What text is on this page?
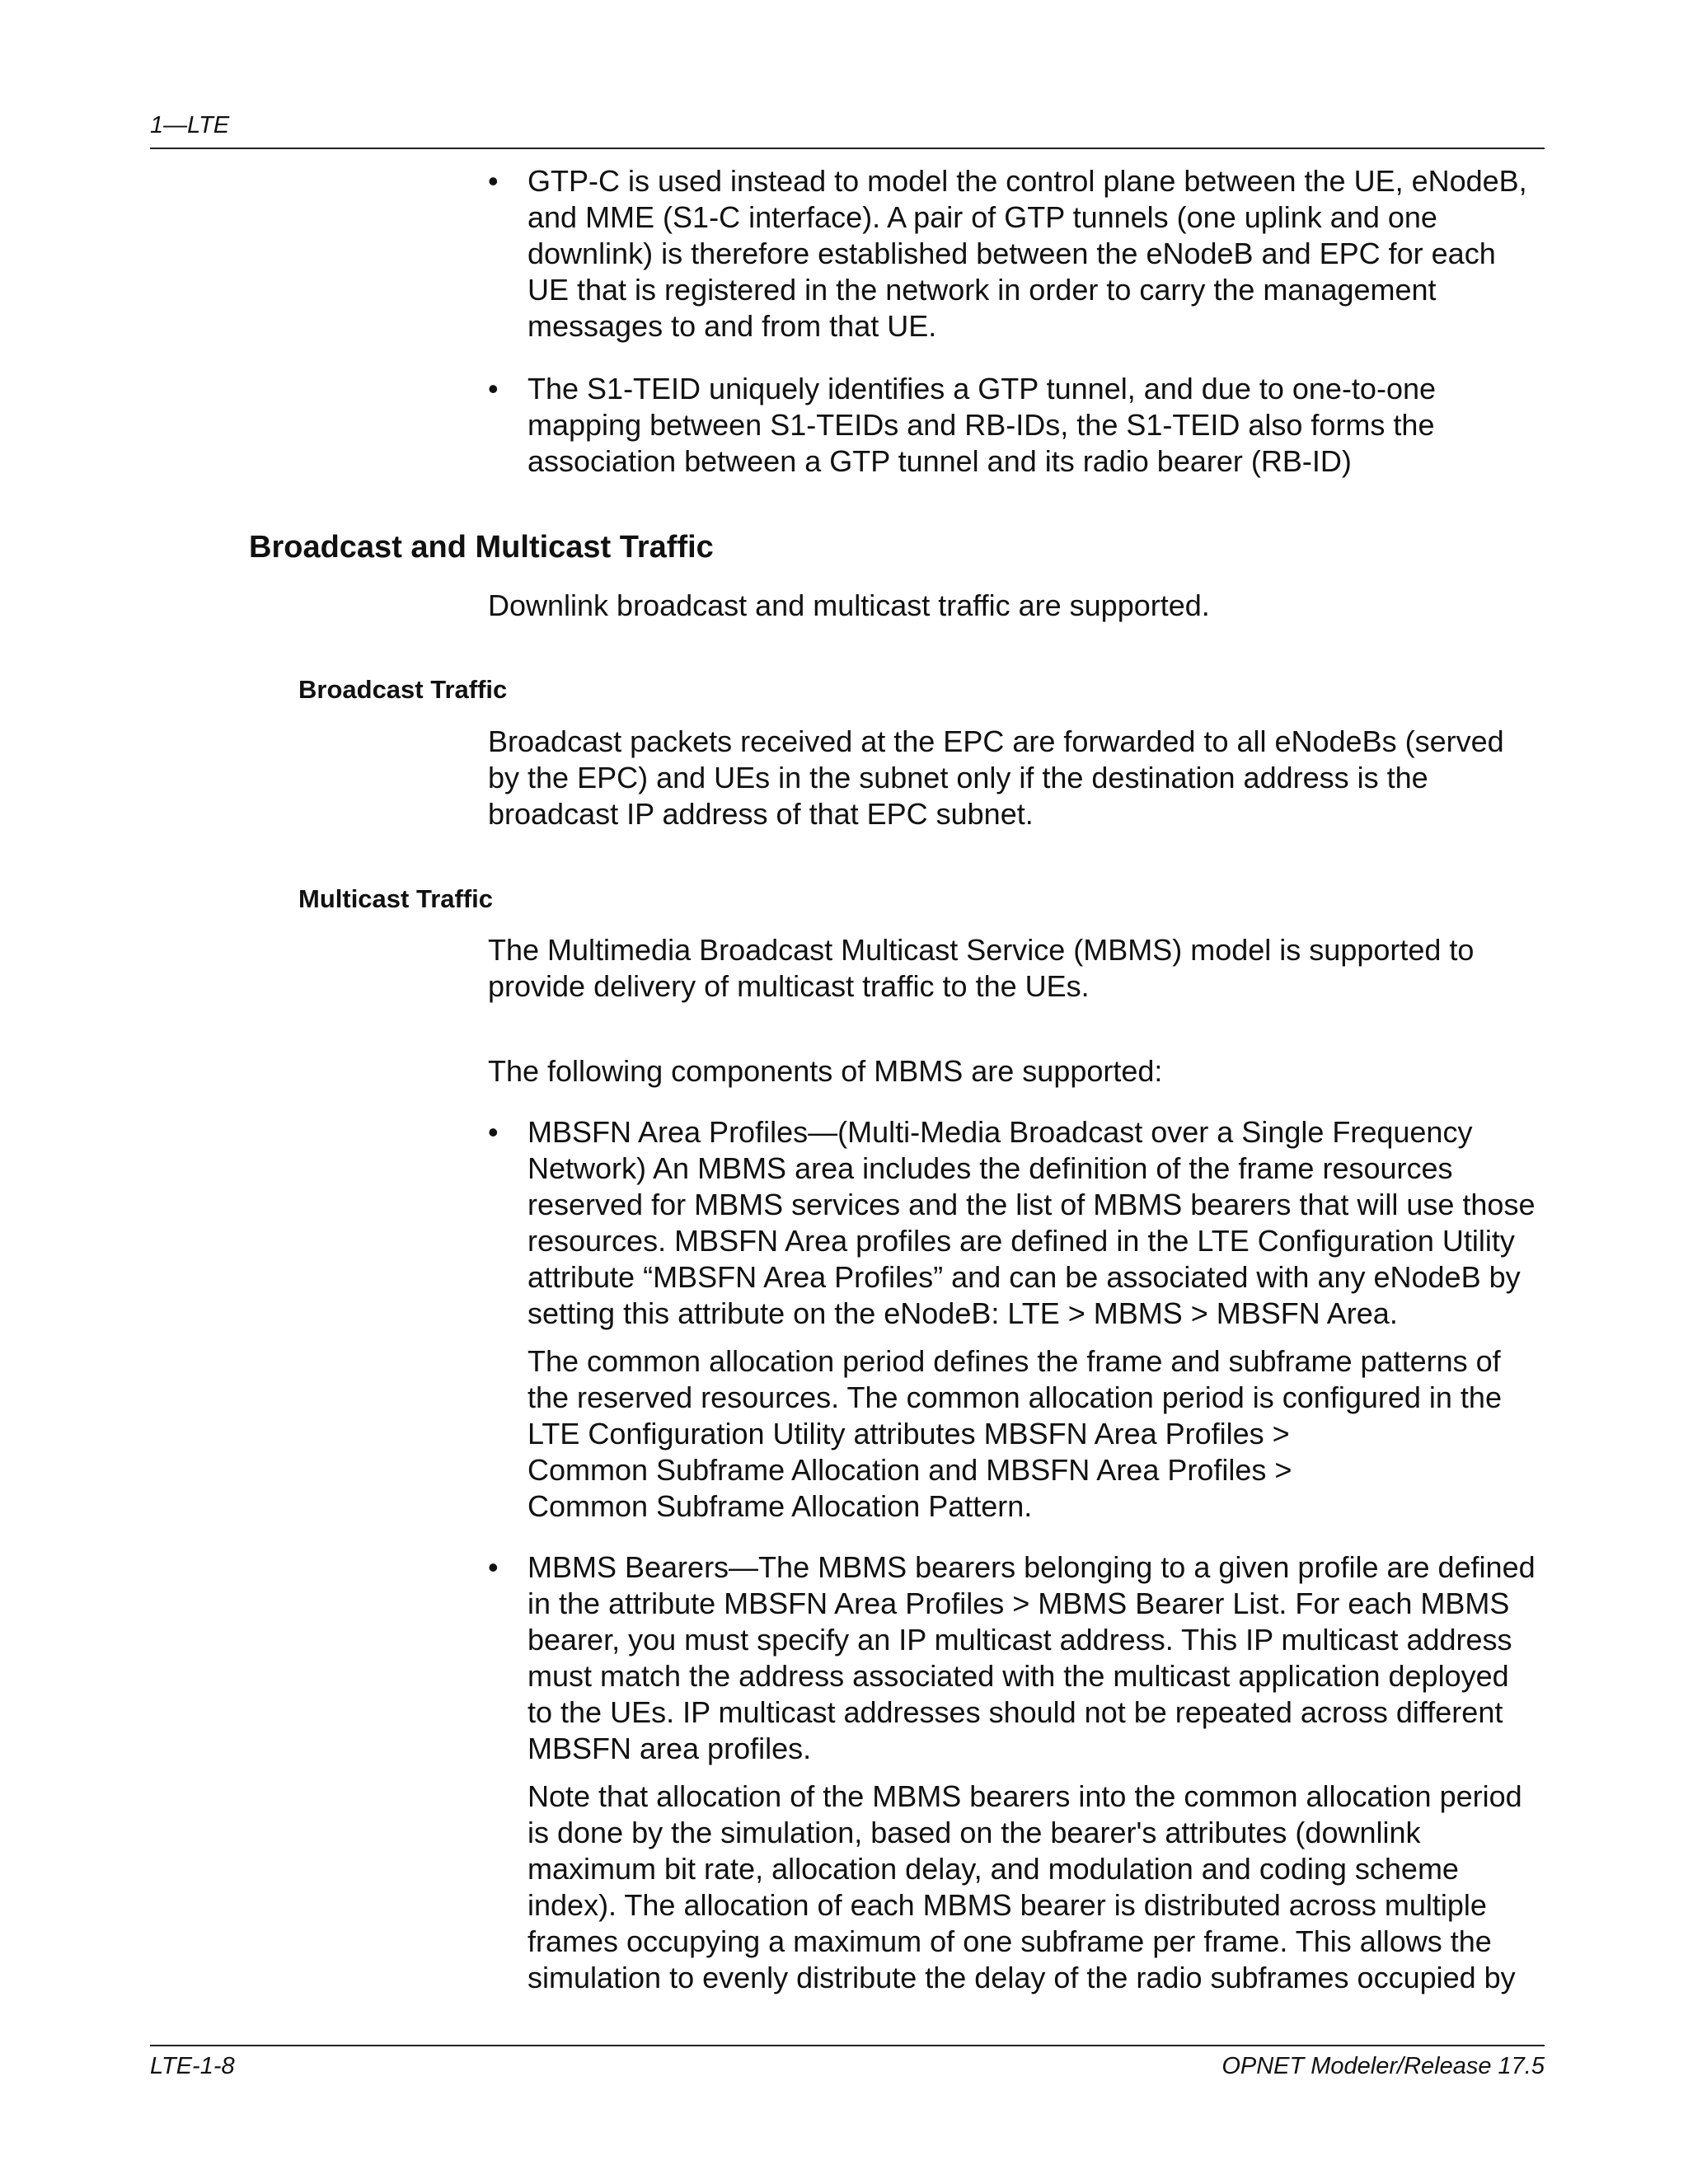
1—LTE
• GTP-C is used instead to model the control plane between the UE, eNodeB,
and MME (S1-C interface). A pair of GTP tunnels (one uplink and one
downlink) is therefore established between the eNodeB and EPC for each
UE that is registered in the network in order to carry the management
messages to and from that UE.
• The S1-TEID uniquely identifies a GTP tunnel, and due to one-to-one
mapping between S1-TEIDs and RB-IDs, the S1-TEID also forms the
association between a GTP tunnel and its radio bearer (RB-ID)
Broadcast and Multicast Traffic
Downlink broadcast and multicast traffic are supported.
Broadcast Traffic
Broadcast packets received at the EPC are forwarded to all eNodeBs (served
by the EPC) and UEs in the subnet only if the destination address is the
broadcast IP address of that EPC subnet.
Multicast Traffic
The Multimedia Broadcast Multicast Service (MBMS) model is supported to
provide delivery of multicast traffic to the UEs.
The following components of MBMS are supported:
• MBSFN Area Profiles—(Multi-Media Broadcast over a Single Frequency
Network) An MBMS area includes the definition of the frame resources
reserved for MBMS services and the list of MBMS bearers that will use those
resources. MBSFN Area profiles are defined in the LTE Configuration Utility
attribute “MBSFN Area Profiles” and can be associated with any eNodeB by
setting this attribute on the eNodeB: LTE > MBMS > MBSFN Area.
The common allocation period defines the frame and subframe patterns of
the reserved resources. The common allocation period is configured in the
LTE Configuration Utility attributes MBSFN Area Profiles >
Common Subframe Allocation and MBSFN Area Profiles >
Common Subframe Allocation Pattern.
• MBMS Bearers—The MBMS bearers belonging to a given profile are defined
in the attribute MBSFN Area Profiles > MBMS Bearer List. For each MBMS
bearer, you must specify an IP multicast address. This IP multicast address
must match the address associated with the multicast application deployed
to the UEs. IP multicast addresses should not be repeated across different
MBSFN area profiles.
Note that allocation of the MBMS bearers into the common allocation period
is done by the simulation, based on the bearer's attributes (downlink
maximum bit rate, allocation delay, and modulation and coding scheme
index). The allocation of each MBMS bearer is distributed across multiple
frames occupying a maximum of one subframe per frame. This allows the
simulation to evenly distribute the delay of the radio subframes occupied by
LTE-1-8	OPNET Modeler/Release 17.5
